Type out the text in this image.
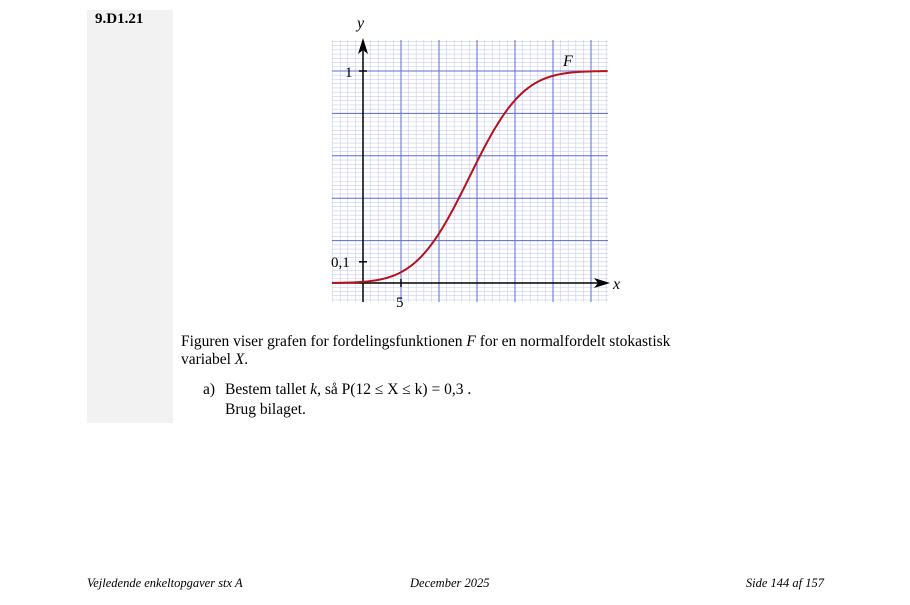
9.D1.21	y
x
F
1
0,1
5
Figuren viser grafen for fordelingsfunktionen F for en normalfordelt stokastisk
variabel X.
a) Bestem tallet k, så P(12 ≤ X ≤ k) = 0,3 .
Brug bilaget.
Vejledende enkeltopgaver stx A	December 2025	Side 144 af 157
